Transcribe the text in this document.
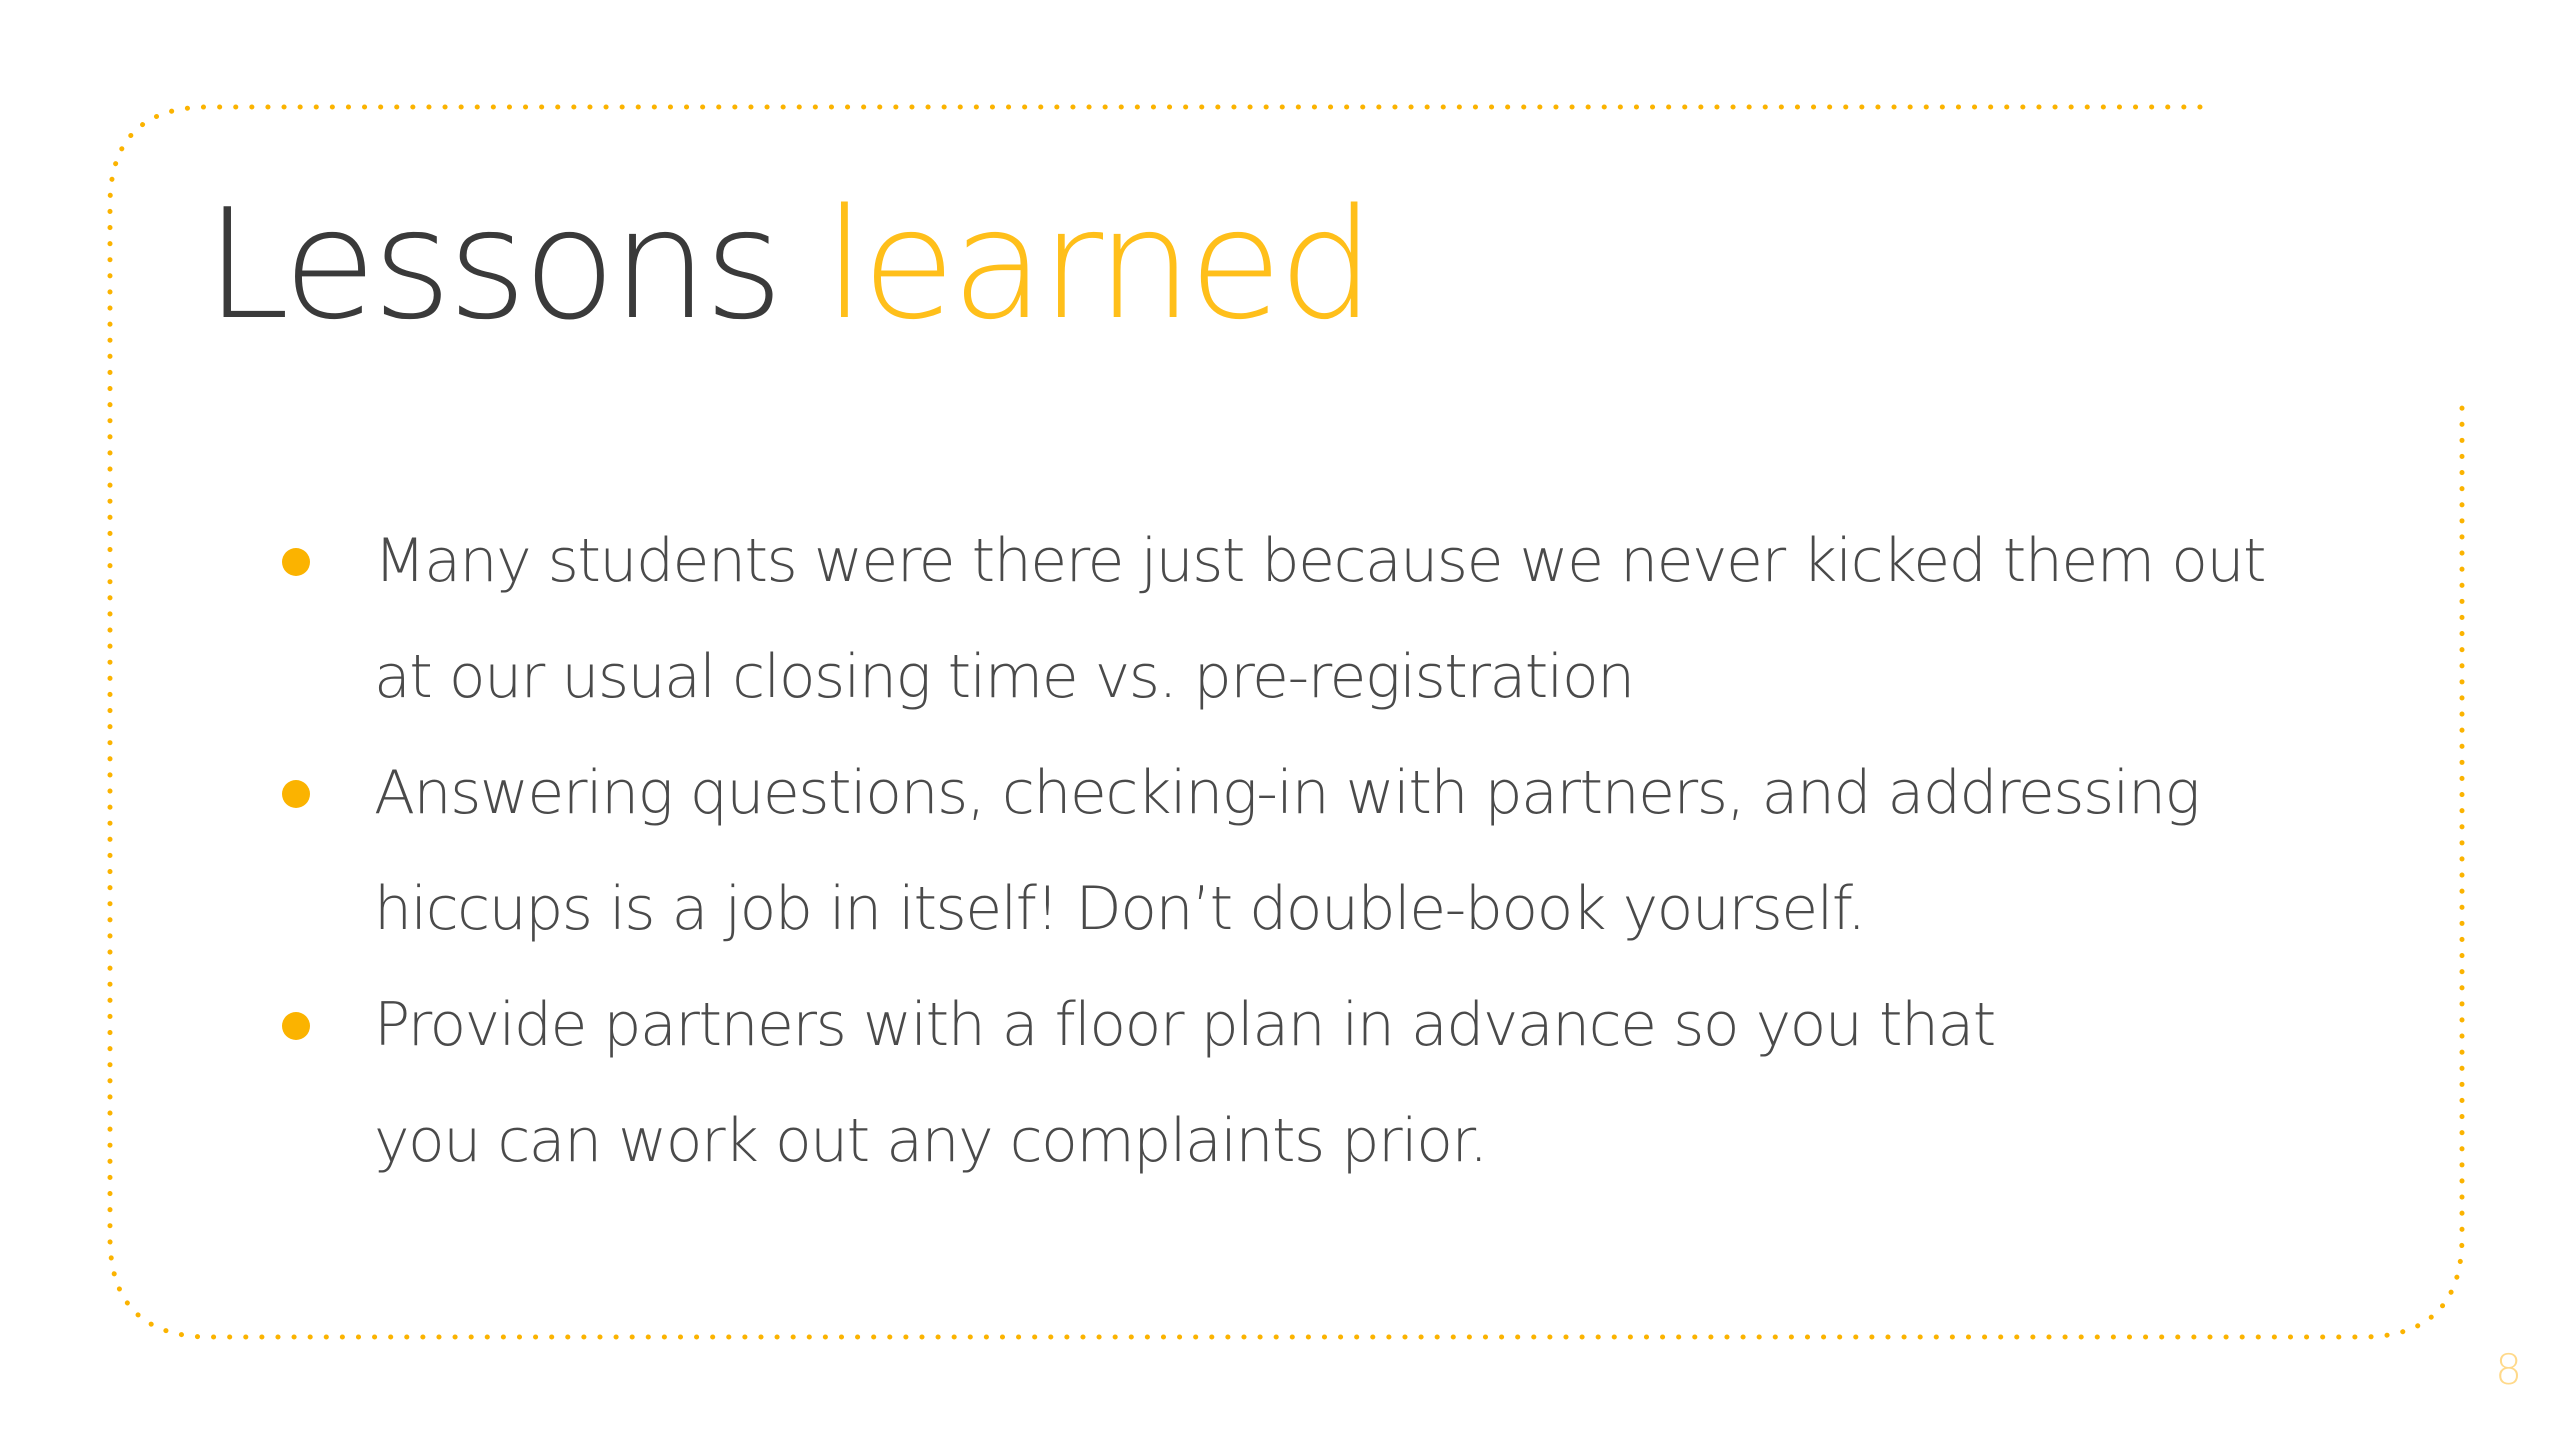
Lessons learned
Many students were there just because we never kicked them out
at our usual closing time vs. pre-registration
Answering questions, checking-in with partners, and addressing
hiccups is a job in itself! Don’t double-book yourself.
Provide partners with a floor plan in advance so you that
you can work out any complaints prior.
8
